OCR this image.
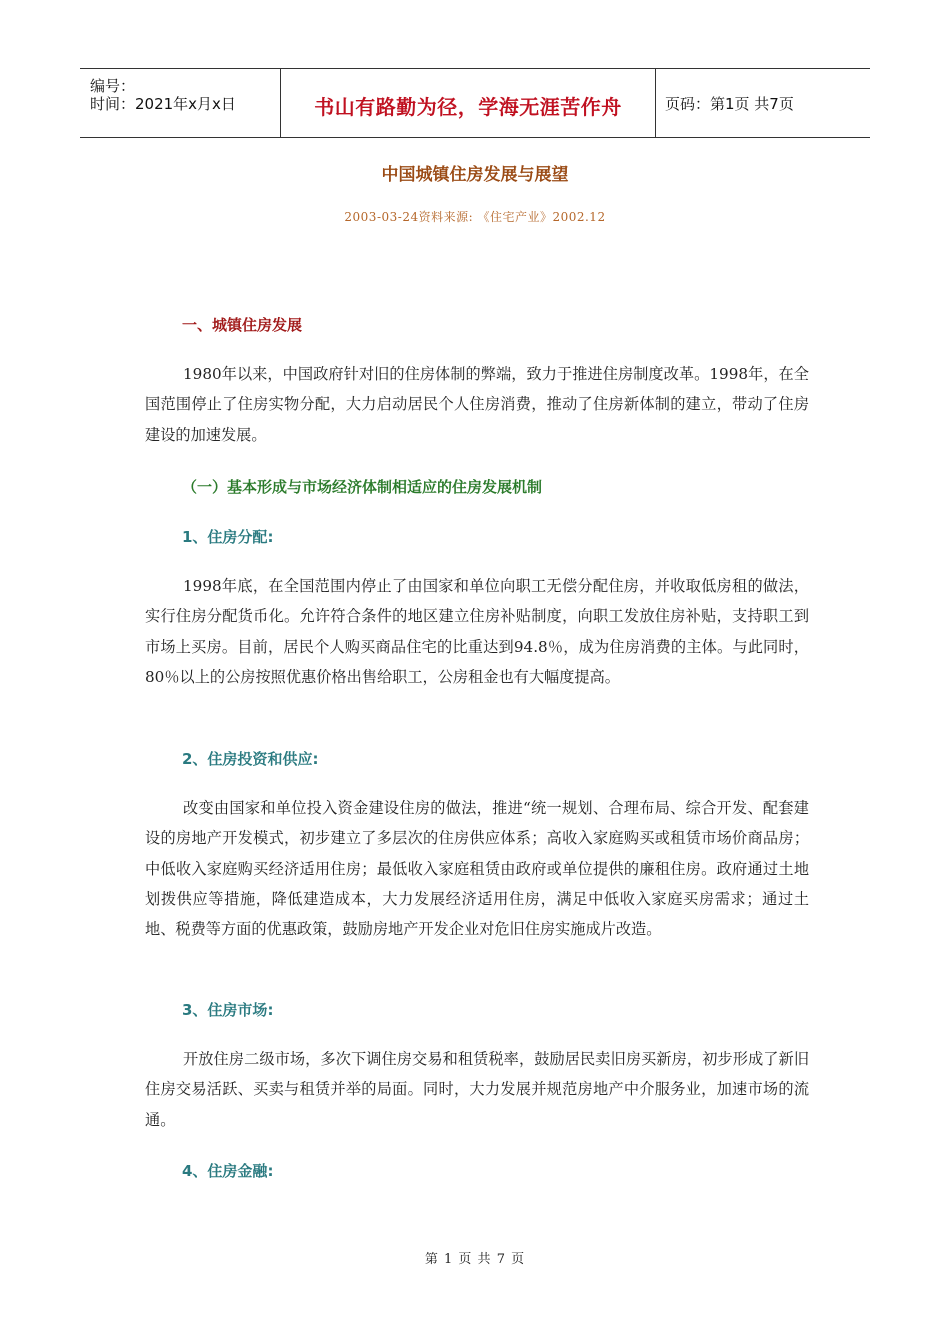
编号：
时间：2021年x月x日	书山有路勤为径，学海无涯苦作舟	页码：第1页 共7页
中国城镇住房发展与展望
2003-03-24资料来源: 《住宅产业》2002.12
一、城镇住房发展

1980年以来，中国政府针对旧的住房体制的弊端，致力于推进住房制度改革。1998年，在全国范围停止了住房实物分配，大力启动居民个人住房消费，推动了住房新体制的建立，带动了住房建设的加速发展。

（一）基本形成与市场经济体制相适应的住房发展机制
1、住房分配:

1998年底，在全国范围内停止了由国家和单位向职工无偿分配住房，并收取低房租的做法，实行住房分配货币化。允许符合条件的地区建立住房补贴制度，向职工发放住房补贴，支持职工到市场上买房。目前，居民个人购买商品住宅的比重达到94.8％，成为住房消费的主体。与此同时，80％以上的公房按照优惠价格出售给职工，公房租金也有大幅度提高。

2、住房投资和供应:

改变由国家和单位投入资金建设住房的做法，推进“统一规划、合理布局、综合开发、配套建设的房地产开发模式，初步建立了多层次的住房供应体系；高收入家庭购买或租赁市场价商品房；中低收入家庭购买经济适用住房；最低收入家庭租赁由政府或单位提供的廉租住房。政府通过土地划拨供应等措施，降低建造成本，大力发展经济适用住房，满足中低收入家庭买房需求；通过土地、税费等方面的优惠政策，鼓励房地产开发企业对危旧住房实施成片改造。

3、住房市场:

开放住房二级市场，多次下调住房交易和租赁税率，鼓励居民卖旧房买新房，初步形成了新旧住房交易活跃、买卖与租赁并举的局面。同时，大力发展并规范房地产中介服务业，加速市场的流通。

4、住房金融:
第 1 页 共 7 页
